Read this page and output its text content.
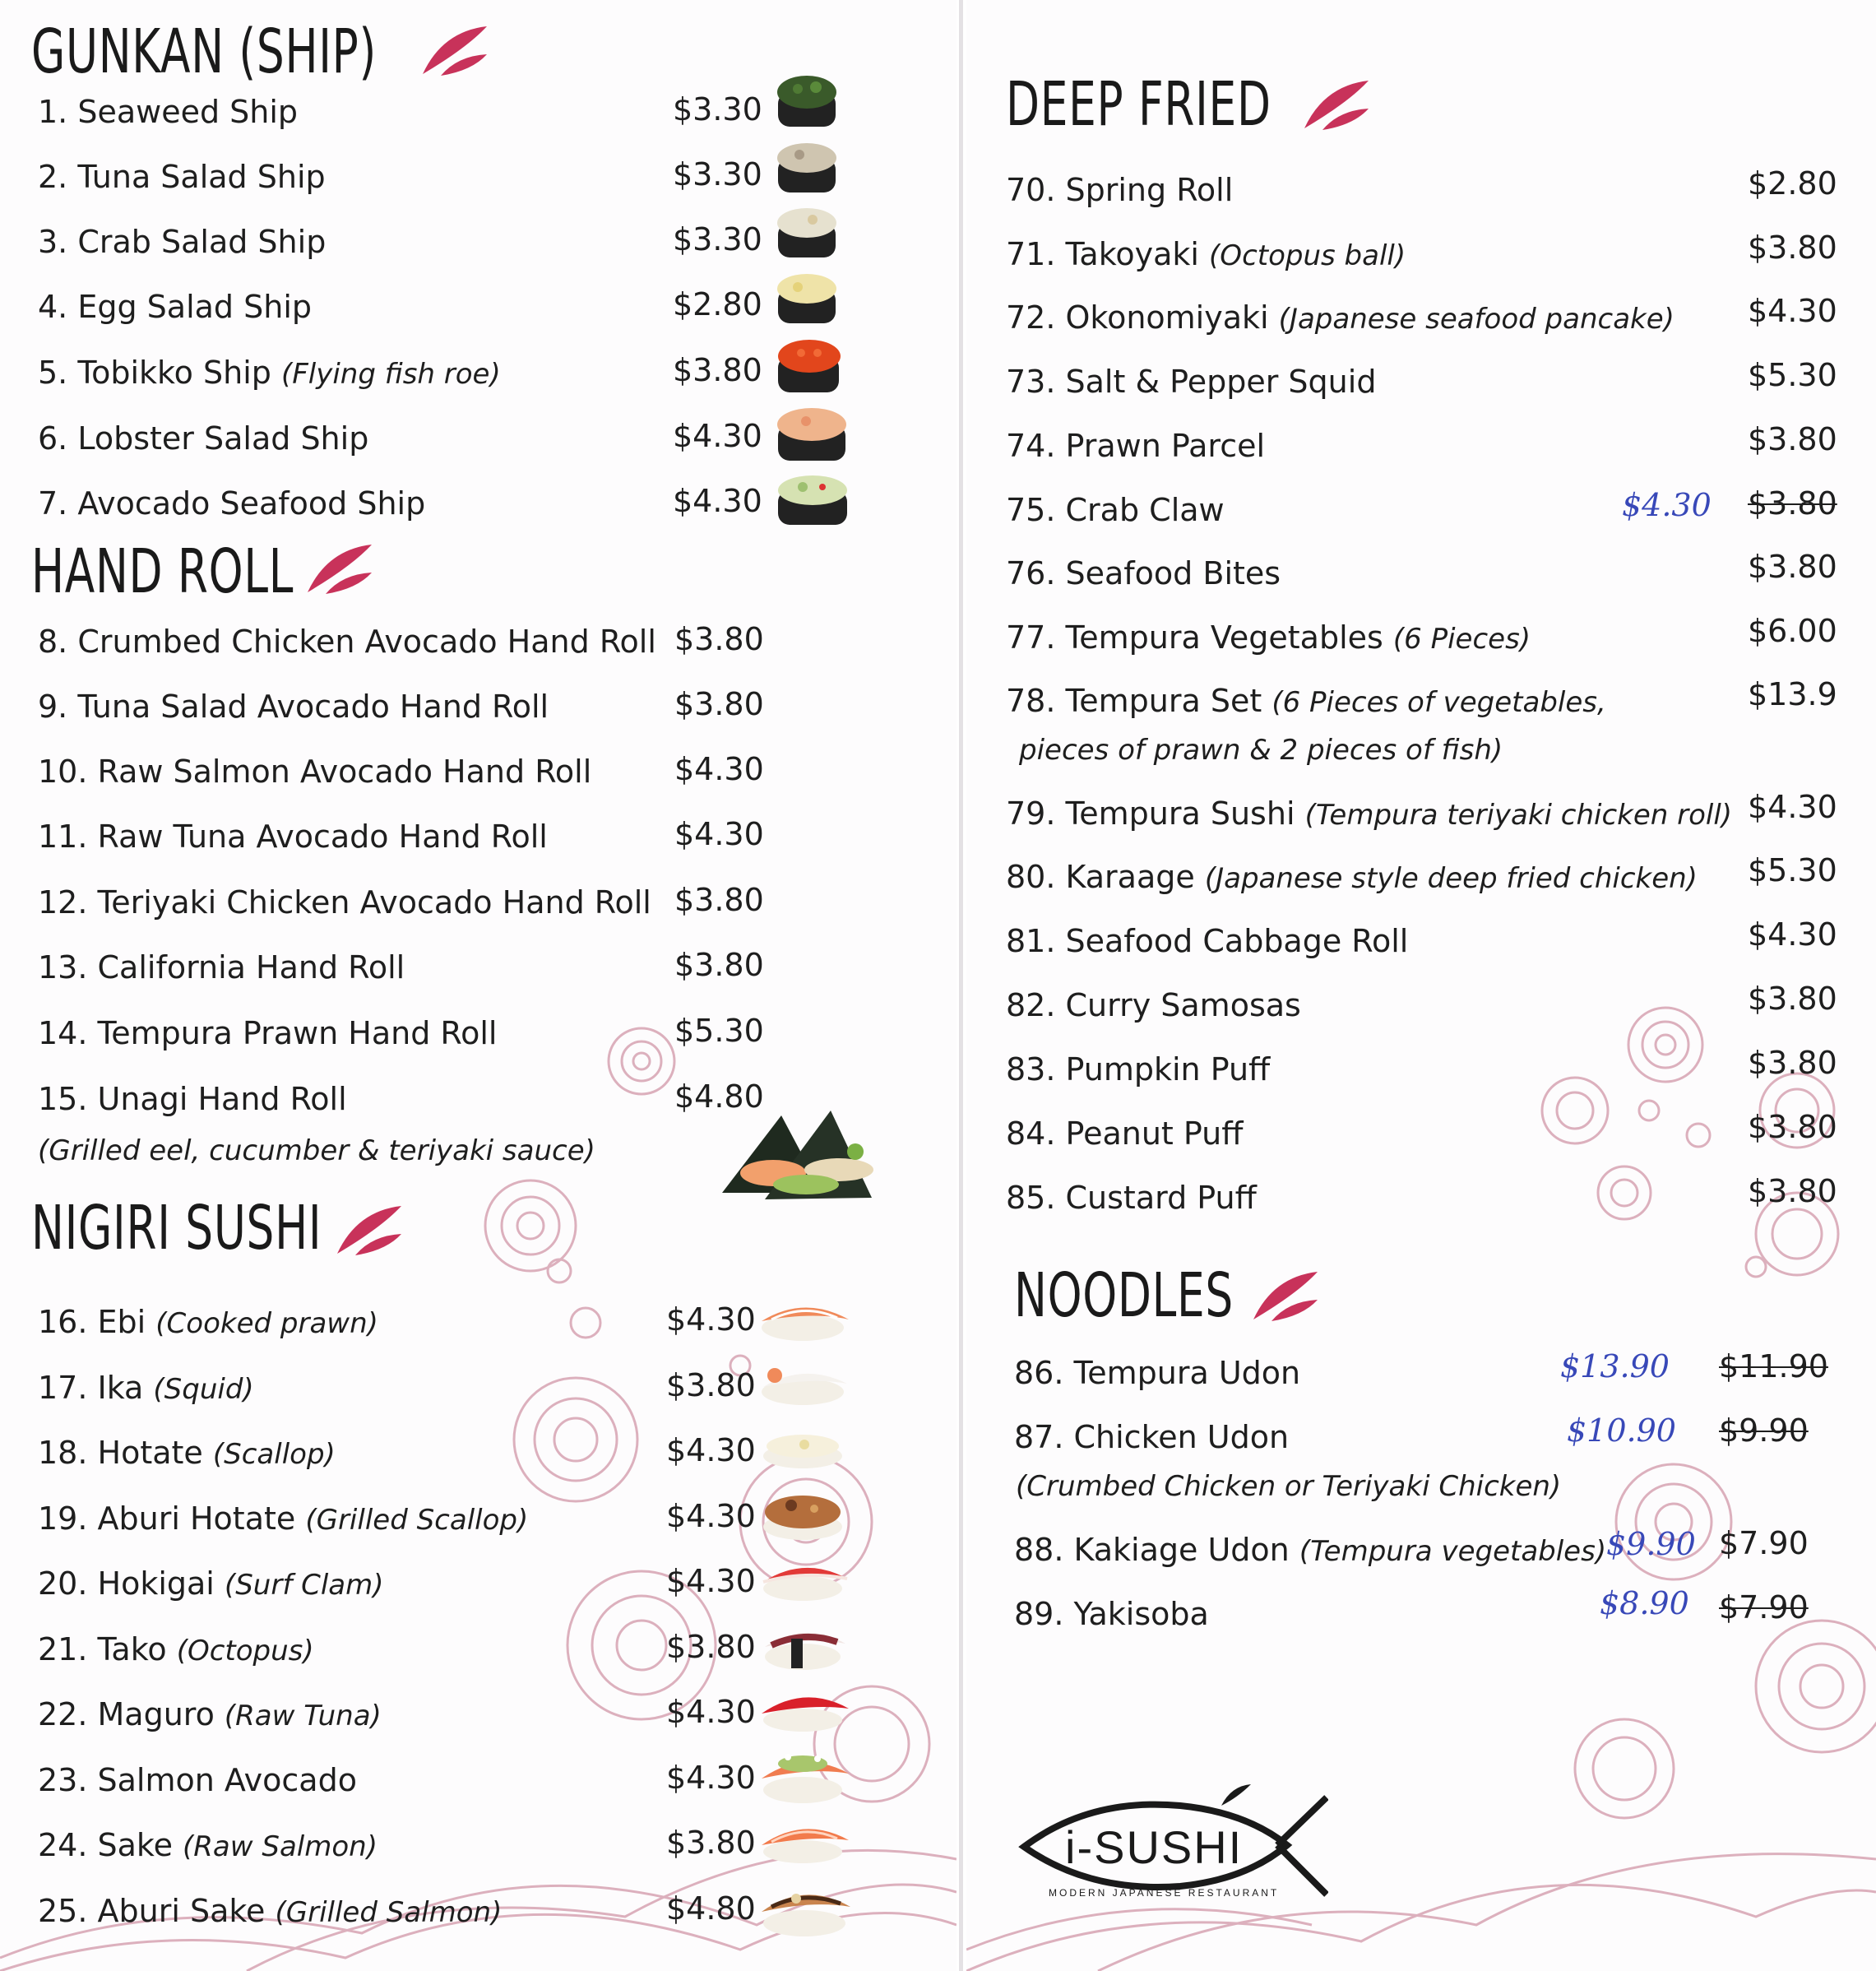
GUNKAN (SHIP)
1. Seaweed Ship	$3.30
2. Tuna Salad Ship	$3.30
3. Crab Salad Ship	$3.30
4. Egg Salad Ship	$2.80
5. Tobikko Ship (Flying fish roe)	$3.80
6. Lobster Salad Ship	$4.30
7. Avocado Seafood Ship	$4.30
HAND ROLL
8. Crumbed Chicken Avocado Hand Roll $3.80
9. Tuna Salad Avocado Hand Roll	$3.80
10. Raw Salmon Avocado Hand Roll	$4.30
11. Raw Tuna Avocado Hand Roll	$4.30
12. Teriyaki Chicken Avocado Hand Roll $3.80
13. California Hand Roll	$3.80
14. Tempura Prawn Hand Roll	$5.30
15. Unagi Hand Roll	$4.80
(Grilled eel, cucumber & teriyaki sauce)
NIGIRI SUSHI
16. Ebi (Cooked prawn)	$4.30
17. Ika (Squid)	$3.80
18. Hotate (Scallop)	$4.30
19. Aburi Hotate (Grilled Scallop)	$4.30
20. Hokigai (Surf Clam)	$4.30
21. Tako (Octopus)	$3.80
22. Maguro (Raw Tuna)	$4.30
23. Salmon Avocado	$4.30
24. Sake (Raw Salmon)	$3.80
25. Aburi Sake (Grilled Salmon)	$4.80
DEEP FRIED
70. Spring Roll	$2.80
71. Takoyaki (Octopus ball)	$3.80
72. Okonomiyaki (Japanese seafood pancake) $4.30
73. Salt & Pepper Squid	$5.30
74. Prawn Parcel	$3.80
75. Crab Claw	$4.30 $3.80
76. Seafood Bites	$3.80
77. Tempura Vegetables (6 Pieces)	$6.00
78. Tempura Set (6 Pieces of vegetables,	$13.9
pieces of prawn & 2 pieces of fish)
79. Tempura Sushi (Tempura teriyaki chicken roll) $4.30
80. Karaage (Japanese style deep fried chicken) $5.30
81. Seafood Cabbage Roll	$4.30
82. Curry Samosas	$3.80
83. Pumpkin Puff	$3.80
84. Peanut Puff	$3.80
85. Custard Puff	$3.80
NOODLES
86. Tempura Udon	$13.90 $11.90
87. Chicken Udon	$10.90 $9.90
(Crumbed Chicken or Teriyaki Chicken)
88. Kakiage Udon (Tempura vegetables) $9.90 $7.90
89. Yakisoba	$8.90 $7.90
i-SUSHI
MODERN JAPANESE RESTAURANT
